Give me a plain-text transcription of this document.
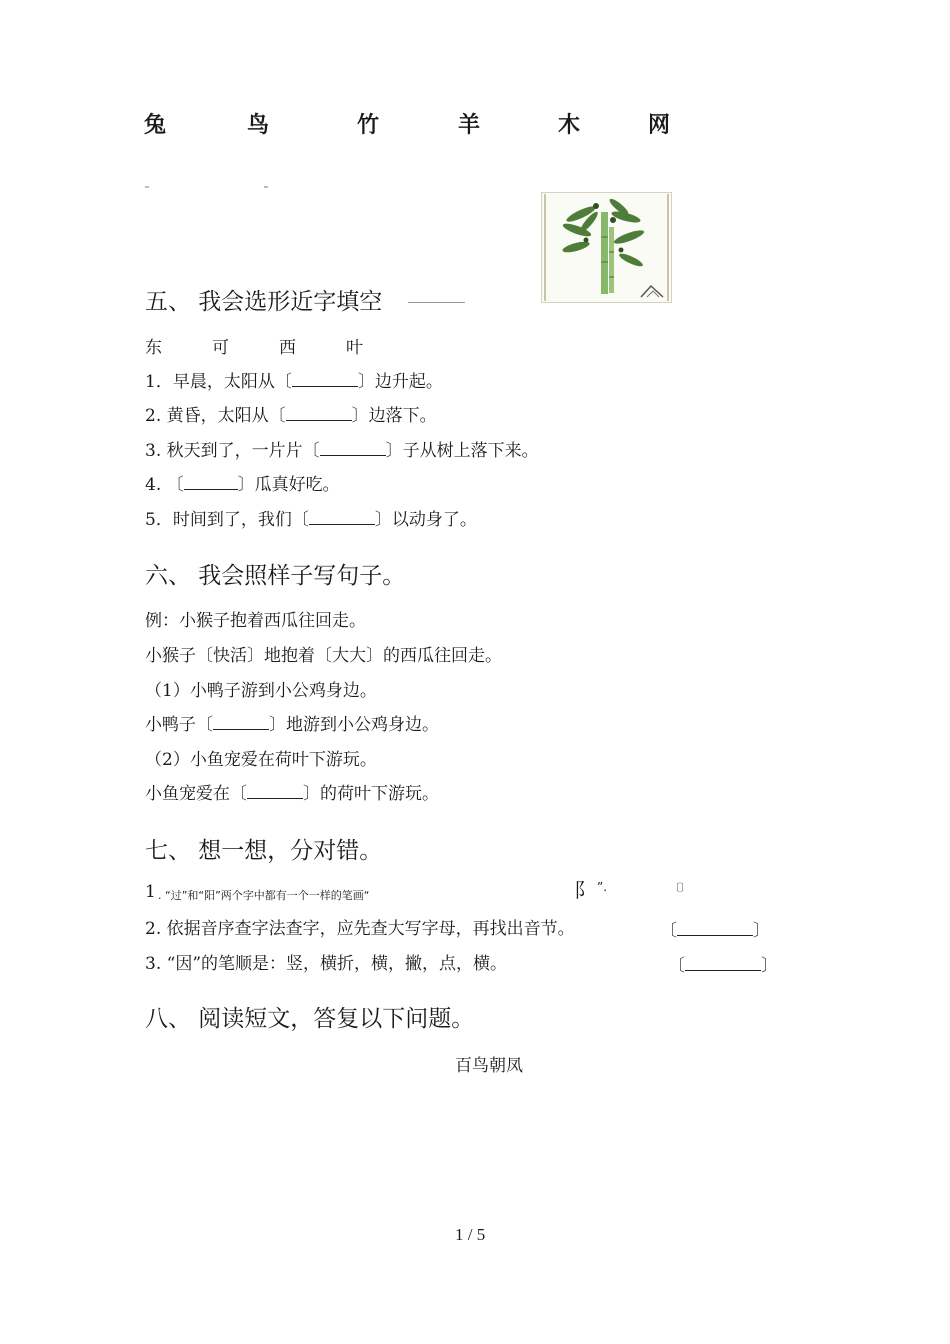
兔	鸟	竹	羊	木	网
五、 我会选形近字填空
东	可	西	叶
1．早晨，太阳从〔	〕边升起。
2. 黄昏，太阳从〔	〕边落下。
3. 秋天到了，一片片〔	〕子从树上落下来。
4. 〔	〕瓜真好吃。
5．时间到了，我们〔	〕以动身了。
六、 我会照样子写句子。
例：小猴子抱着西瓜往回走。
小猴子〔快活〕地抱着〔大大〕的西瓜往回走。
（1）小鸭子游到小公鸡身边。
小鸭子〔	〕地游到小公鸡身边。
（2）小鱼宠爱在荷叶下游玩。
小鱼宠爱在〔	〕的荷叶下游玩。
七、 想一想，分对错。
1 . “过”和“阳”两个字中都有一个一样的笔画“	阝 ”.	〔〕
2. 依据音序查字法查字，应先查大写字母，再找出音节。	〔	〕
3. “因”的笔顺是：竖，横折，横，撇，点，横。	〔	〕
八、 阅读短文，答复以下问题。
百鸟朝凤
1 / 5
